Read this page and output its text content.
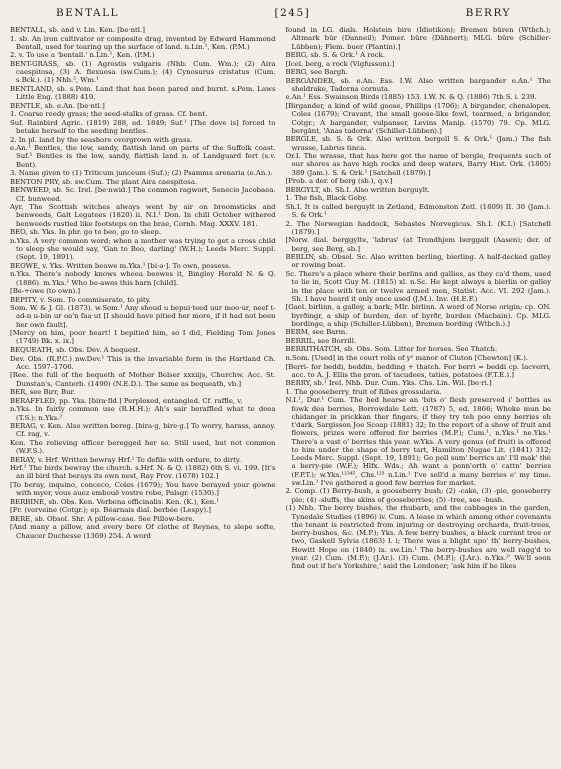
BENTALL	[245]	BERRY

BENTALL, sb. and v. Lin. Ken. [be·ntl.]

1. sb. An iron cultivator or composite drag, invented by Edward Hammond Bentall, used for tearing up the surface of land. n.Lin.¹, Ken. (P.M.)

2. v. To use a 'bentall.' n.Lin.¹, Ken. (P.M.)

BENT-GRASS, sb. (1) Agrostis vulgaris (Nhb. Cum. Wm.); (2) Aira caespitosa, (3) A. flexuosa (sw.Cum.); (4) Cynosurus cristatus (Cum. s.Bck.). (1) Nhb.², Wm.¹

BENTLAND, sb. s.Pem. Land that has been pared and burnt. s.Pem. Laws Little Eng. (1888) 419.

BENTLE, sb. e.An. [be·ntl.]

1. Coarse reedy grass; the seed-stalks of grass. Cf. bent.

Suf. Rainbird Agric. (1819) 288, ed. 1849; Suf.¹ [The dove is] forced to betake herself to the seeding bentles.

2. In pl. land by the seashore overgrown with grass.

e.An.¹ Bentles, the low, sandy, flattish land on parts of the Suffolk coast. Suf.¹ Bentles is the low, sandy, flattish land n. of Landguard fort (s.v. Bent).

3. Name given to (1) Triticum junceum (Suf.); (2) Psamma arenaria (e.An.).

BENTON PRY, sb. sw.Cum. The plant Aira caespitosa.

BENWEED, sb. Sc. Irel. [be·nwid.] The common ragwort, Senecio Jacobaea. Cf. bunweed.

Ayr. The Scottish witches always went by air on broomsticks and benweeds, Galt Legatees (1820) ii. N.I.¹ Don. In chill October withered benweeds rustled like footsteps on the brae, Cornh. Mag. XXXV. 181.

BEO, sb. Yks. In phr. go to beo, go to sleep.

n.Yks. A very common word; when a mother was trying to get a cross child to sleep she would say, 'Gan to Beo, darling' (W.H.); Leeds Merc. Suppl. (Sept. 19, 1891).

BEOWE, v. Yks. Written beawe m.Yks.¹ [bi·ǝ·]. To own, possess.

n.Yks. There's nobody knows wheea beowes it, Bingley Herald N. & Q. (1886). m.Yks.¹ Who be-awes this barn [child].

[Be-+owe (to own).]

BEPITY, v. Som. To commiserate, to pity.

Som. W. & J. Gl. (1873). w.Som.¹ Any shoud u bepui·teed uur moo·ur, neef t-ad-n u-bin ur oa'n faa·ut [I should have pitied her more, if it had not been her own fault].

[Mercy on him, poor heart! I bepitied him, so I did, Fielding Tom Jones (1749) Bk. x. ix.]

BEQUEATH, sb. Obs. Dev. A bequest.

Dev. Obs. (R.P.C.) nw.Dev.¹ This is the invariable form in the Hartland Ch. Acc. 1597–1706.

[Ree. the full of the bequeth of Mother Belser xxxiijs, Churchw. Acc. St. Dunstan's, Canterb. (1490) (N.E.D.). The same as bequeath, vb.]

BER, see Birr, Bur.

BERAFFLED, pp. Yks. [bira·fld.] Perplexed, entangled. Cf. raffle, v.

n.Yks. In fairly common use (R.H.H.); Ah's sair beraffled what te deea (T.S.); n.Yks.²

BERAG, v. Ken. Also written bereg. [bira·g, bire·g.] To worry, harass, annoy. Cf. rag, v.

Ken. The relieving officer beregged her so. Still used, but not common (W.F.S.).

BERAY, v. Hrf. Written bewray Hrf.¹ To defile with ordure, to dirty.

Hrf.¹ The birds bewray the church. s.Hrf. N. & Q. (1882) 6th S. vi. 199. [It's an ill bird that berays its own nest, Ray Prov. (1678) 102.]

[To beray, inquino, conceco, Coles (1679); You have berayed your gowne with myer, vous auez embouë vostre robe, Palsgr. (1530).]

BERBINE, sb. Obs. Ken. Verbena officinalis. Ken. (K.), Ken.¹

[Fr. (verveine (Cotgr.); ep. Béarnais dial. berbée (Lespy).]

BERE, sb. Obsol. Shr. A pillow-case. See Pillow-bere.

[And many a pillow, and every bere Of clothe of Reynes, to slepe softe, Chaucer Duchesse (1369) 254. A word

found in LG. dials. Holstein bire (Idiotikon); Bremen büren (Wtbch.); Altmark bür (Danneil); Pomer. büre (Dähnert); MLG. büre (Schiller-Lübben); Flem. buer (Plantin).]

BERG, sb. S. & Ork.¹ A rock.

[Icel. berg, a rock (Vigfusson).]

BERG, see Bargh.

BERGANDER, sb. e.An. Ess. I.W. Also written barganđer e.An.¹ The sheldrake, Tadorna cornuta.

e.An.¹ Ess. Swainson Birds (1885) 153. I.W. N. & Q. (1886) 7th S. i. 239.

[Birgander, a kind of wild goose, Phillips (1706); A birgander, chenalopex, Coles (1679); Cravant, the small goose-like fowl, tearmed, a brigander, Cotgr.; A bargander, vulpanser, Levins Manip. (1570) 79. Cp. MLG. bergānt, 'Anas tadorna' (Schiller-Lübben).]

BERGLE, sb. S. & Ork. Also written bergell S. & Ork.¹ (Jam.) The fish wrasse, Labrus tinca.

Or.I. The wrasse, that has here got the name of bergle, frequents such of our shores as have high rocks and deep waters, Barry Hist. Ork. (1805) 389 (Jam.). S. & Ork.¹ [Satchell (1879).]

[Prob. a der. of berg (sb.), q.v.]

BERGYLT, sb. Sh.I. Also written berguylt.

1. The fish, Black Goby.

Sh.I. It is called berguylt in Zetland, Edmonston Zetl. (1809) II. 30 (Jam.). S. & Ork.¹

2. The Norwegian haddock, Sebastes Norvegicus. Sh.I. (K.I.) [Satchell (1879).]

[Norw. dial. berggylte, 'labrus' (at Trondhjem berggalt (Aasen); der. of berg, see Berg, sb.]

BERLIN, sb. Obsol. Sc. Also written berling, bierling. A half-decked galley or rowing boat.

Sc. There's a place where their berlins and gallies, as they ca'd them, used to lie in, Scott Guy M. (1815) xl. n.Sc. He kept always a bierlin or galley in the place with ten or twelve armed men, Statist. Acc. VI. 292 (Jam.). Sh. I have heard it only once used (J.M.). Inv. (H.E.F.)

[Gael. birlinn, a galley, a bark; MIr. birlinn. A word of Norse origin; cp. ON. byrðingr, a ship of burden, der. of byrðr, burden (Macbain). Cp. MLG. bordinge, a ship (Schiller-Lübben), Bremen bording (Wtbch.).]

BERM, see Barm.

BERRIL, see Borrill.

BERRITHATCH, sb. Obs. Som. Litter for horses. See Thatch.

n.Som. [Used] in the court rolls of yᵉ manor of Cluton [Chewton] (K.).

[Berri- for beddi, beddin, bedding + thatch. For berri = beddi cp. lacverri, acc. to A. J. Ellis the pron. of tacudees, taties, potatoes (F.T.E.).]

BERRY, sb.¹ Irel. Nhb. Dur. Cum. Yks. Chs. Lin. Wil. [be·ri.]

1. The gooseberry, fruit of Ribes grossularia.

N.I.¹, Dur.¹ Cum. The bed hearse an 'bits o' flesh preserved i' bottles as fowk dea berries, Borrowdale Lett. (1787) 5, ed. 1866; Whoke mun be chidanger in prickkan ther fingers, if they try teh poo enny berries eh t'dark, Sargisson Joe Scoap (1881) 32; In the report of a show of fruit and flowers, prizes were offered for berries (M.P.); Cum.¹, n.Yks.¹ ne.Yks.¹ There's a vast o' berries this year. w.Yks. A very genus (of fruit) is offered to him under the shape of berry tart, Hamilton Nugae Lit. (1841) 312; Leeds Merc. Suppl. (Sept. 19, 1891); Go poll sum' berrics an' I'll mak' thė a berry-pie (W.F.); Hlfx. Wds.; Ah want a penn'orth o' cattn' berries (F.P.T.); w.Yks.¹²³⁴⁵, Chs.¹²³ n.Lin.¹ I've sell'd a many berries e' my time. sw.Lin.¹ I've gathered a good few berries for market.

2. Comp. (1) Berry-bush, a gooseberry bush; (2) -cake, (3) -pie, gooseberry pie; (4) -sluffs, the skins of gooseberries; (5) -tree, see -bush.

(1) Nhb. The berry bushes, the rhubarb, and the cabbages in the garden, Tynedale Studies (1896) iv. Cum. A lease in which among other covenants the tenant is restricted from injuring or destroying orchards, fruit-trees, berry-bushes, &c. (M.P.); Yks. A few berry bushes, a black currant tree or two, Gaskell Sylvia (1863) I. i; There was a blight upo' th' berry-bushes, Howitt Hope on (1840) ix. sw.Lin.¹ The berry-bushes are well ragg'd to year. (2) Cum. (M.P.); (J.Ar.). (3) Cum. (M.P.); (J.Ar.). n.Yks.²ʹ We'll soon find out if he's Yorkshire,' said the Londoner; 'ask him if he likes
